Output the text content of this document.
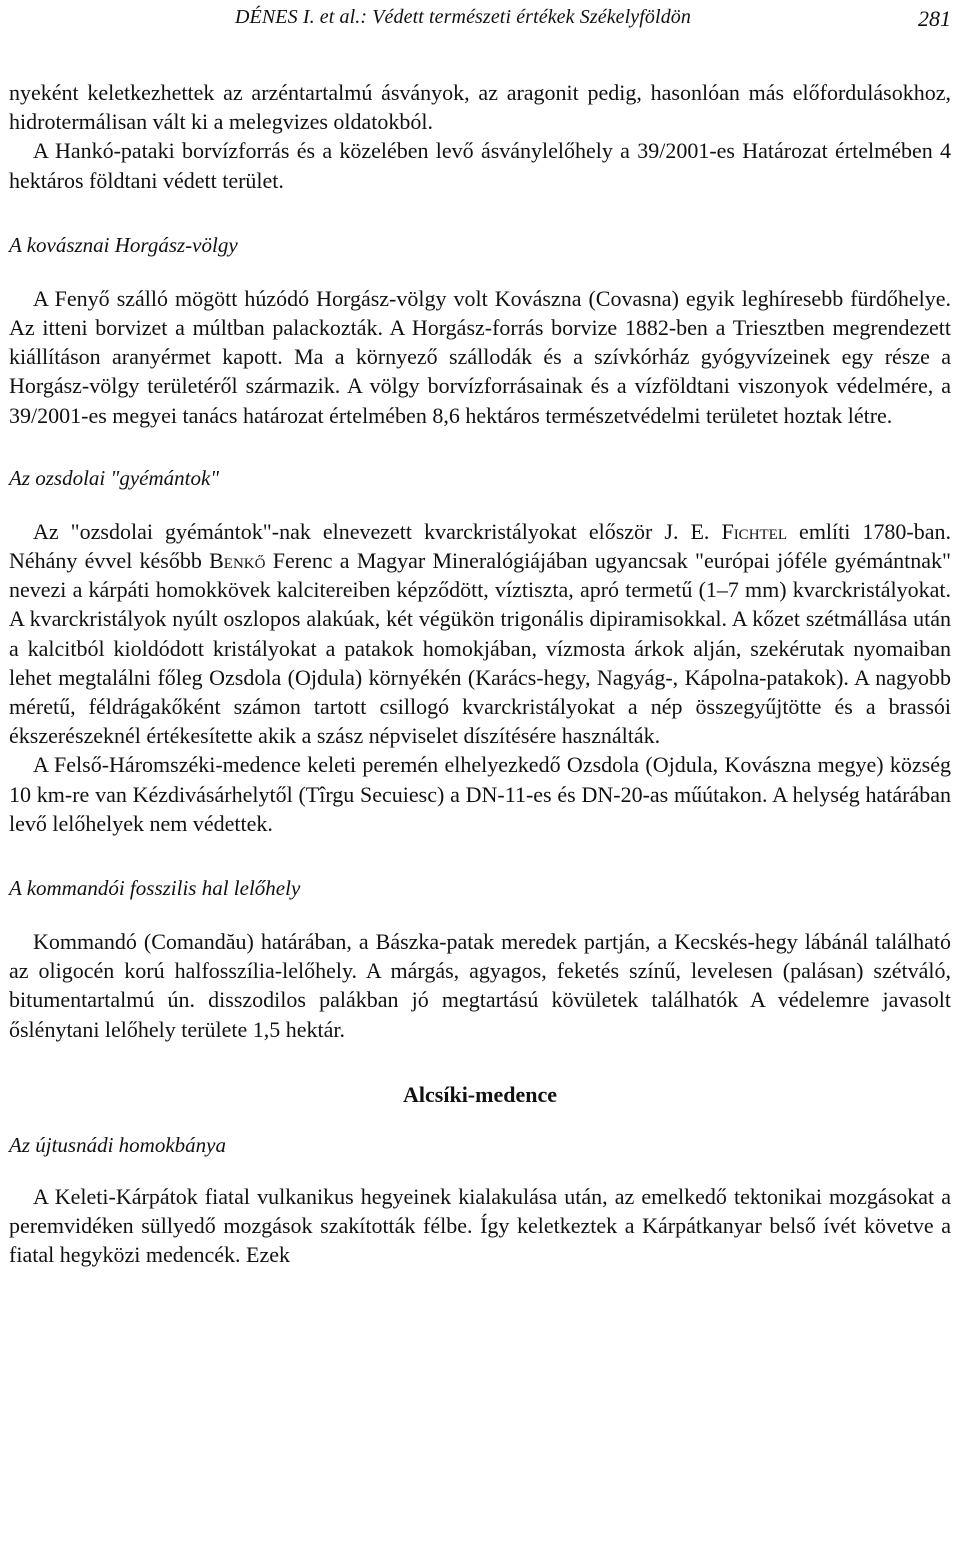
DÉNES I. et al.: Védett természeti értékek Székelyföldön	281

nyeként keletkezhettek az arzéntartalmú ásványok, az aragonit pedig, hasonlóan más előfordulásokhoz, hidrotermálisan vált ki a melegvizes oldatokból.

A Hankó-pataki borvízforrás és a közelében levő ásványlelőhely a 39/2001-es Határozat értelmében 4 hektáros földtani védett terület.

A kovásznai Horgász-völgy

A Fenyő szálló mögött húzódó Horgász-völgy volt Kovászna (Covasna) egyik leghíresebb fürdőhelye. Az itteni borvizet a múltban palackozták. A Horgász-forrás borvize 1882-ben a Triesztben megrendezett kiállításon aranyérmet kapott. Ma a környező szállodák és a szívkórház gyógyvízeinek egy része a Horgász-völgy területéről származik. A völgy borvízforrásainak és a vízföldtani viszonyok védelmére, a 39/2001-es megyei tanács határozat értelmében 8,6 hektáros természetvédelmi területet hoztak létre.

Az ozsdolai "gyémántok"

Az "ozsdolai gyémántok"-nak elnevezett kvarckristályokat először J. E. Fichtel említi 1780-ban. Néhány évvel később Benkő Ferenc a Magyar Mineralógiájában ugyancsak "európai jóféle gyémántnak" nevezi a kárpáti homokkövek kalcitereiben képződött, víztiszta, apró termetű (1–7 mm) kvarckristályokat. A kvarckristályok nyúlt oszlopos alakúak, két végükön trigonális dipiramisokkal. A kőzet szétmállása után a kalcitból kioldódott kristályokat a patakok homokjában, vízmosta árkok alján, szekérutak nyomaiban lehet megtalálni főleg Ozsdola (Ojdula) környékén (Karács-hegy, Nagyág-, Kápolna-patakok). A nagyobb méretű, féldrágakőként számon tartott csillogó kvarckristályokat a nép összegyűjtötte és a brassói ékszerészeknél értékesítette akik a szász népviselet díszítésére használták.

A Felső-Háromszéki-medence keleti peremén elhelyezkedő Ozsdola (Ojdula, Kovászna megye) község 10 km-re van Kézdivásárhelytől (Tîrgu Secuiesc) a DN-11-es és DN-20-as műútakon. A helység határában levő lelőhelyek nem védettek.

A kommandói fosszilis hal lelőhely

Kommandó (Comandău) határában, a Bászka-patak meredek partján, a Kecskés-hegy lábánál található az oligocén korú halfosszília-lelőhely. A márgás, agyagos, feketés színű, levelesen (palásan) szétváló, bitumentartalmú ún. disszodilos palákban jó megtartású kövületek találhatók A védelemre javasolt őslénytani lelőhely területe 1,5 hektár.

Alcsíki-medence

Az újtusnádi homokbánya

A Keleti-Kárpátok fiatal vulkanikus hegyeinek kialakulása után, az emelkedő tektonikai mozgásokat a peremvidéken süllyedő mozgások szakították félbe. Így keletkeztek a Kárpátkanyar belső ívét követve a fiatal hegyközi medencék. Ezek
